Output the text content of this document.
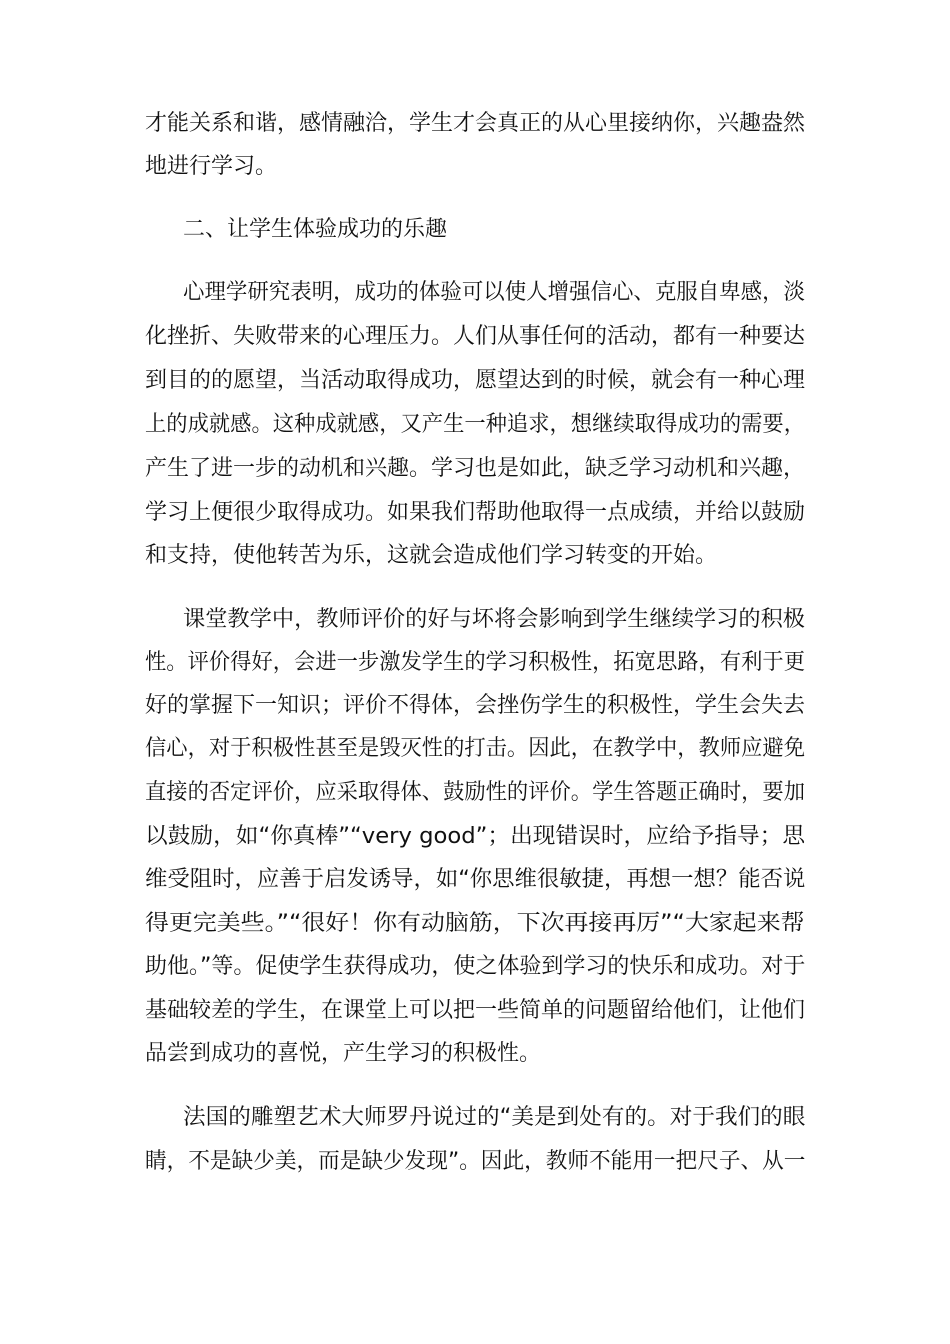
才能关系和谐，感情融洽，学生才会真正的从心里接纳你，兴趣盎然
地进行学习。
二、让学生体验成功的乐趣
心理学研究表明，成功的体验可以使人增强信心、克服自卑感，淡
化挫折、失败带来的心理压力。人们从事任何的活动，都有一种要达
到目的的愿望，当活动取得成功，愿望达到的时候，就会有一种心理
上的成就感。这种成就感，又产生一种追求，想继续取得成功的需要，
产生了进一步的动机和兴趣。学习也是如此，缺乏学习动机和兴趣，
学习上便很少取得成功。如果我们帮助他取得一点成绩，并给以鼓励
和支持，使他转苦为乐，这就会造成他们学习转变的开始。
课堂教学中，教师评价的好与坏将会影响到学生继续学习的积极
性。评价得好，会进一步激发学生的学习积极性，拓宽思路，有利于更
好的掌握下一知识；评价不得体，会挫伤学生的积极性，学生会失去
信心，对于积极性甚至是毁灭性的打击。因此，在教学中，教师应避免
直接的否定评价，应采取得体、鼓励性的评价。学生答题正确时，要加
以鼓励，如“你真棒”“very good”；出现错误时，应给予指导；思
维受阻时，应善于启发诱导，如“你思维很敏捷，再想一想？能否说
得更完美些。”“很好！你有动脑筋，下次再接再厉”“大家起来帮
助他。”等。促使学生获得成功，使之体验到学习的快乐和成功。对于
基础较差的学生，在课堂上可以把一些简单的问题留给他们，让他们
品尝到成功的喜悦，产生学习的积极性。
法国的雕塑艺术大师罗丹说过的“美是到处有的。对于我们的眼
睛，不是缺少美，而是缺少发现”。因此，教师不能用一把尺子、从一
